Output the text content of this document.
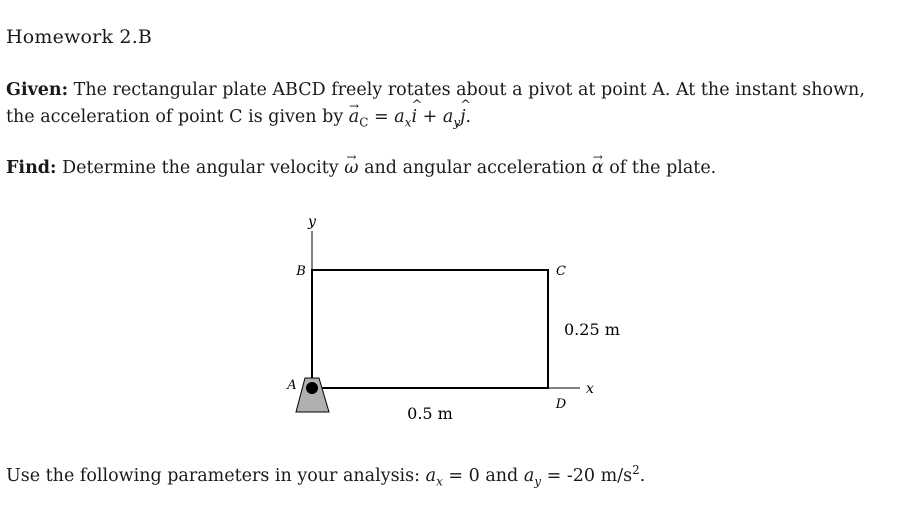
Homework 2.B
Given: The rectangular plate ABCD freely rotates about a pivot at point A. At the instant shown,
the acceleration of point C is given by → $a_C$ = $a_x\^{}$ $i + a_y\^{}$ j.
Find: Determine the angular velocity → ω and angular acceleration → α of the plate.
y
x
A
B	C
D
0.5 m
0.25 m
Use the following parameters in your analysis: $a_x = 0$ and $a_y = -20$ $m/s^2$.
